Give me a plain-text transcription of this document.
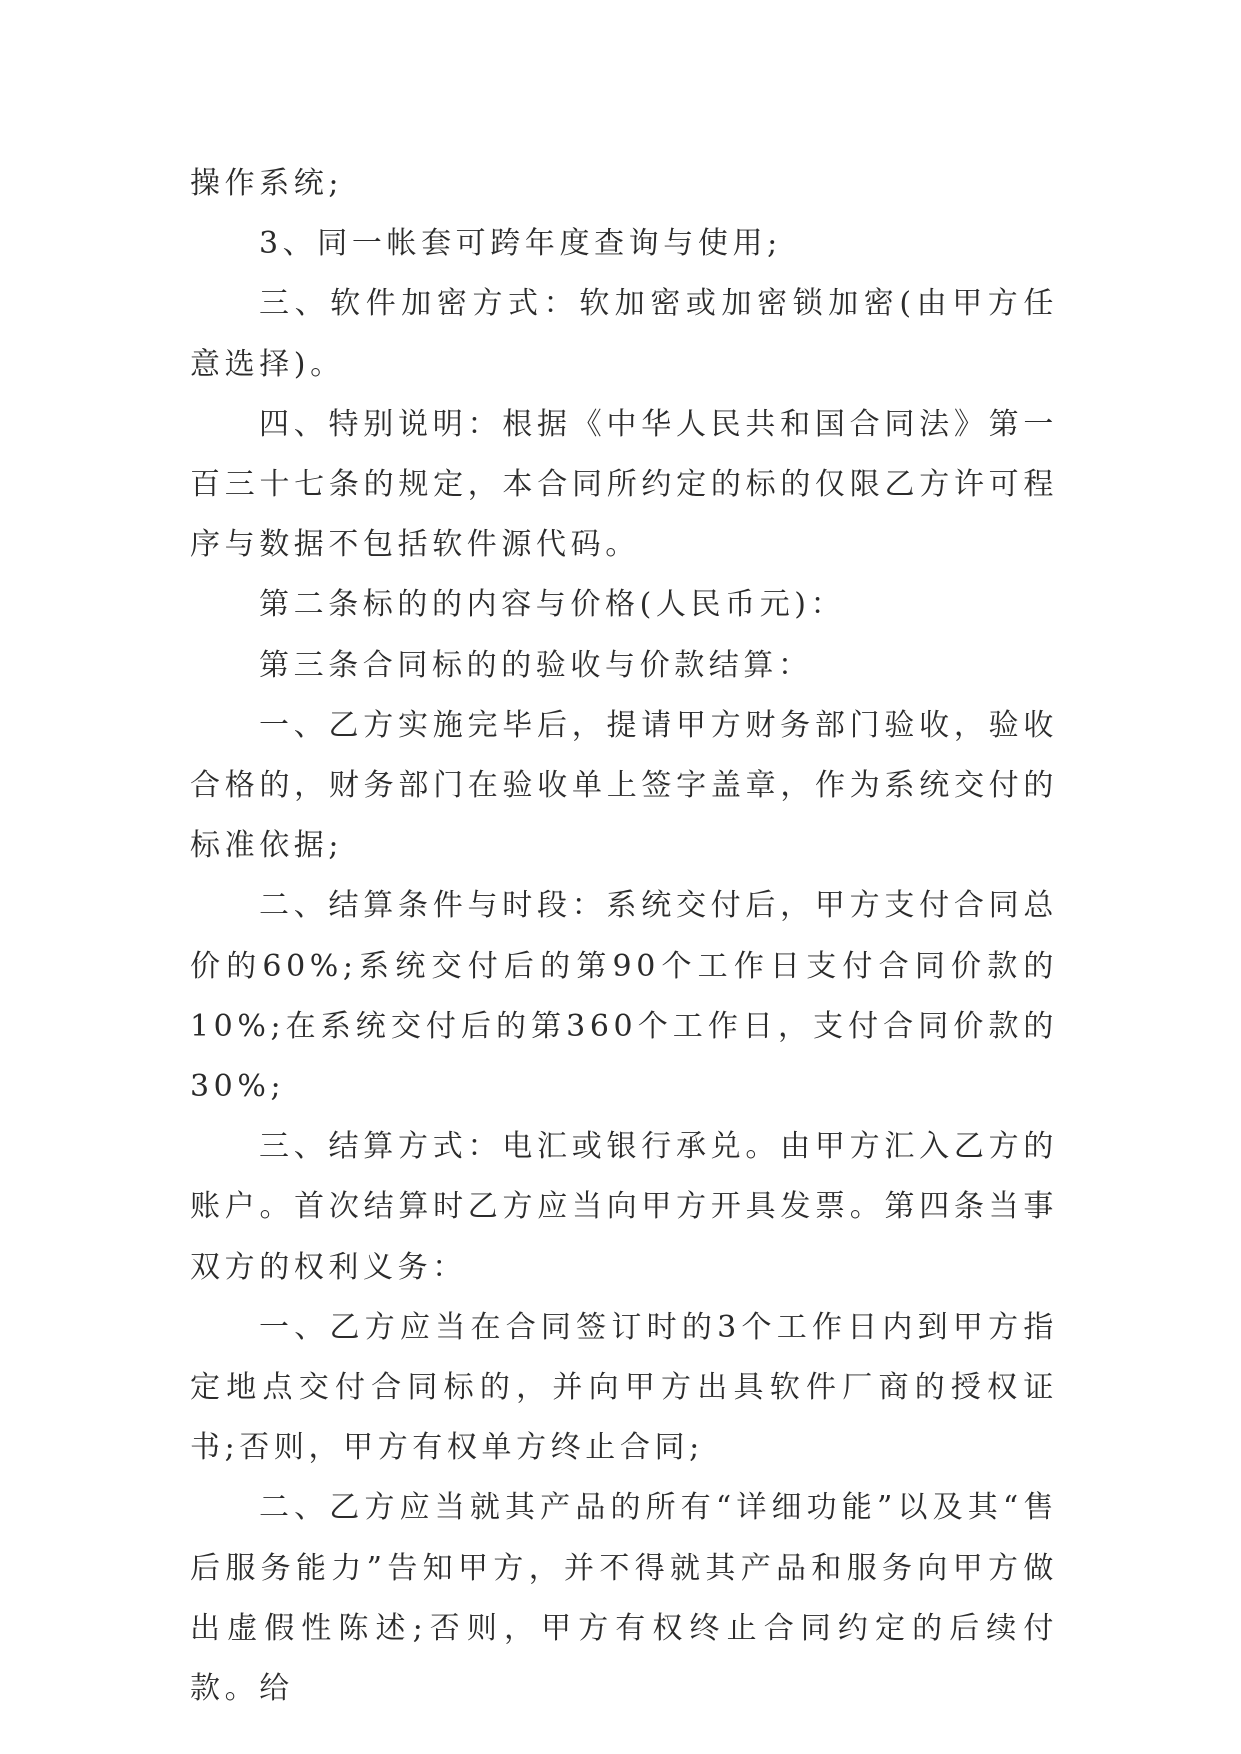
操作系统;

3、同一帐套可跨年度查询与使用;

三、软件加密方式：软加密或加密锁加密(由甲方任意选择)。

四、特别说明：根据《中华人民共和国合同法》第一百三十七条的规定，本合同所约定的标的仅限乙方许可程序与数据不包括软件源代码。

第二条标的的内容与价格(人民币元)：

第三条合同标的的验收与价款结算：

一、乙方实施完毕后，提请甲方财务部门验收，验收合格的，财务部门在验收单上签字盖章，作为系统交付的标准依据;

二、结算条件与时段：系统交付后，甲方支付合同总价的60%;系统交付后的第90个工作日支付合同价款的10%;在系统交付后的第360个工作日，支付合同价款的30%;

三、结算方式：电汇或银行承兑。由甲方汇入乙方的账户。首次结算时乙方应当向甲方开具发票。第四条当事双方的权利义务：

一、乙方应当在合同签订时的3个工作日内到甲方指定地点交付合同标的，并向甲方出具软件厂商的授权证书;否则，甲方有权单方终止合同;

二、乙方应当就其产品的所有“详细功能”以及其“售后服务能力”告知甲方，并不得就其产品和服务向甲方做出虚假性陈述;否则，甲方有权终止合同约定的后续付款。给
